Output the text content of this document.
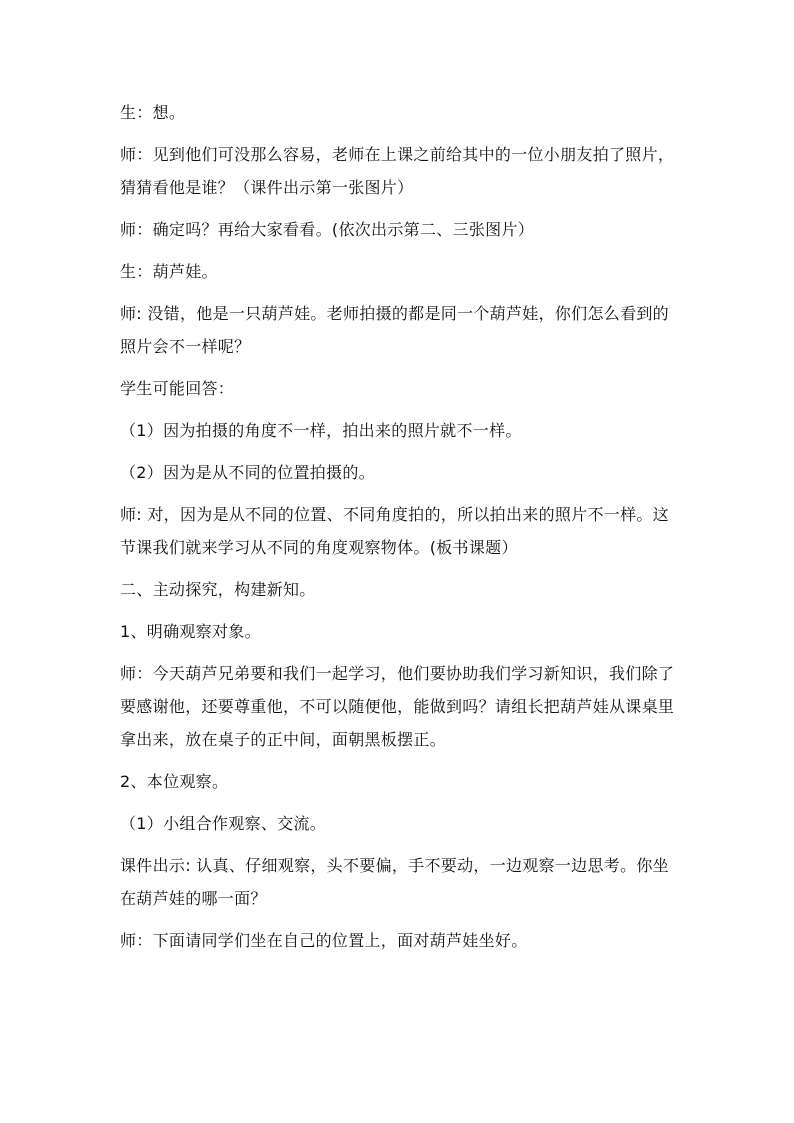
生：想。

师：见到他们可没那么容易，老师在上课之前给其中的一位小朋友拍了照片，猜猜看他是谁？（课件出示第一张图片）

师：确定吗？再给大家看看。(依次出示第二、三张图片）

生：葫芦娃。

师: 没错，他是一只葫芦娃。老师拍摄的都是同一个葫芦娃，你们怎么看到的照片会不一样呢？

学生可能回答：

（1）因为拍摄的角度不一样，拍出来的照片就不一样。

（2）因为是从不同的位置拍摄的。

师: 对，因为是从不同的位置、不同角度拍的，所以拍出来的照片不一样。这节课我们就来学习从不同的角度观察物体。(板书课题）

二、主动探究，构建新知。

1、明确观察对象。

师：今天葫芦兄弟要和我们一起学习，他们要协助我们学习新知识，我们除了要感谢他，还要尊重他，不可以随便他，能做到吗？请组长把葫芦娃从课桌里拿出来，放在桌子的正中间，面朝黑板摆正。

2、本位观察。

（1）小组合作观察、交流。

课件出示: 认真、仔细观察，头不要偏，手不要动，一边观察一边思考。你坐在葫芦娃的哪一面？

师：下面请同学们坐在自己的位置上，面对葫芦娃坐好。
